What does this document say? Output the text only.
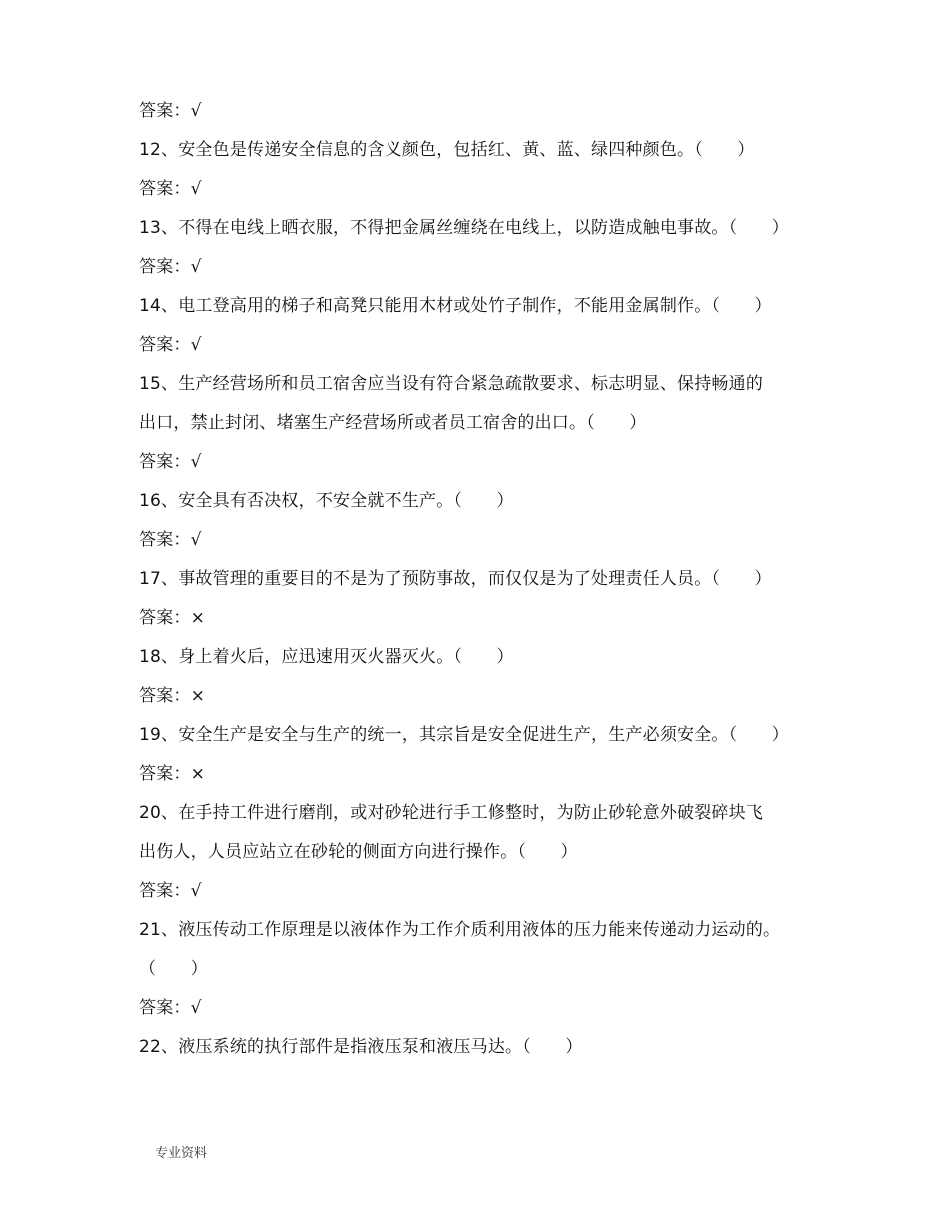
答案：√
12、安全色是传递安全信息的含义颜色，包括红、黄、蓝、绿四种颜色。（　　）
答案：√
13、不得在电线上晒衣服，不得把金属丝缠绕在电线上，以防造成触电事故。（　　）
答案：√
14、电工登高用的梯子和高凳只能用木材或处竹子制作，不能用金属制作。（　　）
答案：√
15、生产经营场所和员工宿舍应当设有符合紧急疏散要求、标志明显、保持畅通的
出口，禁止封闭、堵塞生产经营场所或者员工宿舍的出口。（　　）
答案：√
16、安全具有否决权，不安全就不生产。（　　）
答案：√
17、事故管理的重要目的不是为了预防事故，而仅仅是为了处理责任人员。（　　）
答案：×
18、身上着火后，应迅速用灭火器灭火。（　　）
答案：×
19、安全生产是安全与生产的统一，其宗旨是安全促进生产，生产必须安全。（　　）
答案：×
20、在手持工件进行磨削，或对砂轮进行手工修整时，为防止砂轮意外破裂碎块飞
出伤人，人员应站立在砂轮的侧面方向进行操作。（　　）
答案：√
21、液压传动工作原理是以液体作为工作介质利用液体的压力能来传递动力运动的。
（　　）
答案：√
22、液压系统的执行部件是指液压泵和液压马达。（　　）
专业资料
